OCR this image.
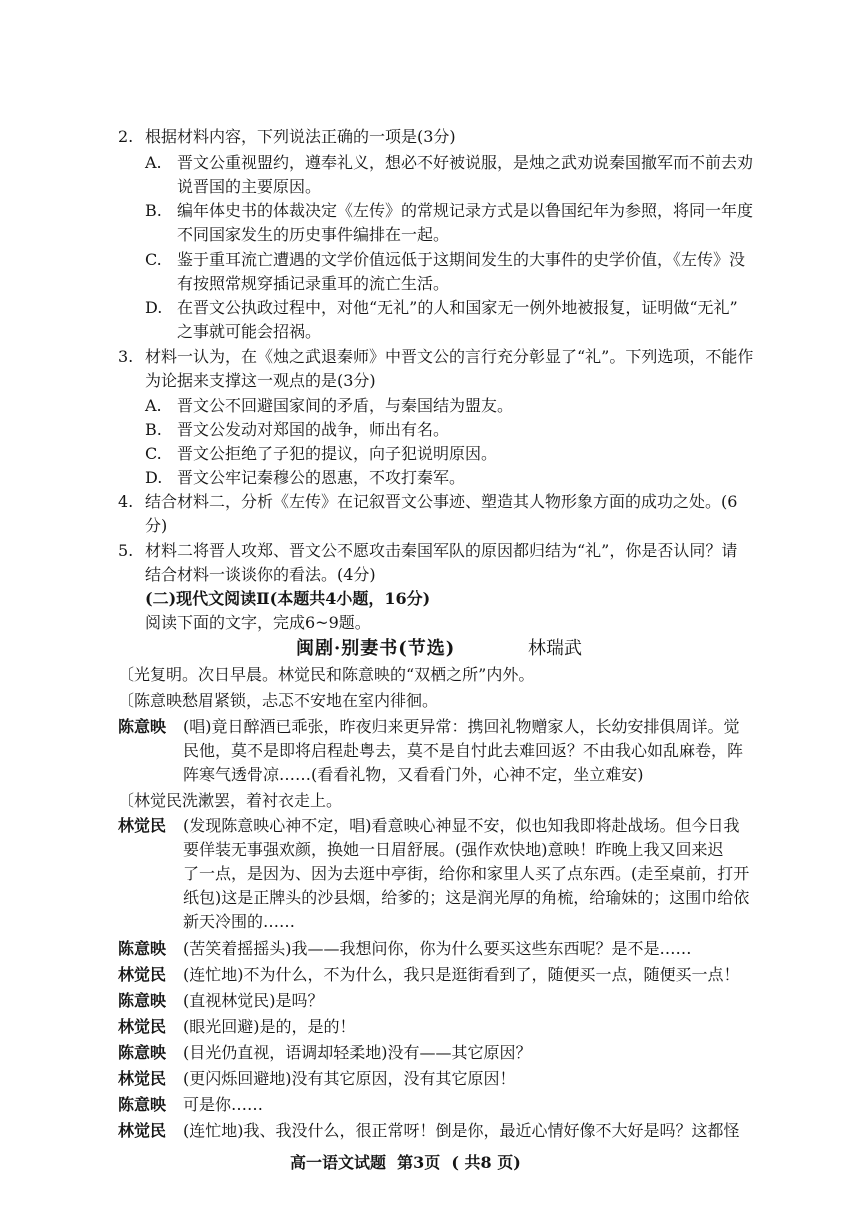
2. 根据材料内容，下列说法正确的一项是(3分)
A. 晋文公重视盟约，遵奉礼义，想必不好被说服，是烛之武劝说秦国撤军而不前去劝
说晋国的主要原因。
B. 编年体史书的体裁决定《左传》的常规记录方式是以鲁国纪年为参照，将同一年度
不同国家发生的历史事件编排在一起。
C. 鉴于重耳流亡遭遇的文学价值远低于这期间发生的大事件的史学价值，《左传》没
有按照常规穿插记录重耳的流亡生活。
D. 在晋文公执政过程中，对他“无礼”的人和国家无一例外地被报复，证明做“无礼”
之事就可能会招祸。
3. 材料一认为，在《烛之武退秦师》中晋文公的言行充分彰显了“礼”。下列选项，不能作
为论据来支撑这一观点的是(3分)
A. 晋文公不回避国家间的矛盾，与秦国结为盟友。
B. 晋文公发动对郑国的战争，师出有名。
C. 晋文公拒绝了子犯的提议，向子犯说明原因。
D. 晋文公牢记秦穆公的恩惠，不攻打秦军。
4. 结合材料二，分析《左传》在记叙晋文公事迹、塑造其人物形象方面的成功之处。(6
分)
5. 材料二将晋人攻郑、晋文公不愿攻击秦国军队的原因都归结为“礼”，你是否认同？请
结合材料一谈谈你的看法。(4分)
(二)现代文阅读Ⅱ(本题共4小题，16分)
阅读下面的文字，完成6~9题。
闽剧·别妻书(节选)	林瑞武
〔光复明。次日早晨。林觉民和陈意映的“双栖之所”内外。
〔陈意映愁眉紧锁，忐忑不安地在室内徘徊。
陈意映 (唱)竟日醉酒已乖张，昨夜归来更异常：携回礼物赠家人，长幼安排俱周详。觉
民他，莫不是即将启程赴粤去，莫不是自忖此去难回返？不由我心如乱麻卷，阵
阵寒气透骨凉……(看看礼物，又看看门外，心神不定，坐立难安)
〔林觉民洗漱罢，着衬衣走上。
林觉民 (发现陈意映心神不定，唱)看意映心神显不安，似也知我即将赴战场。但今日我
要佯装无事强欢颜，换她一日眉舒展。(强作欢快地)意映！昨晚上我又回来迟
了一点，是因为、因为去逛中亭街，给你和家里人买了点东西。(走至桌前，打开
纸包)这是正牌头的沙县烟，给爹的；这是润光厚的角梳，给瑜妹的；这围巾给依
新天冷围的……
陈意映 (苦笑着摇摇头)我——我想问你，你为什么要买这些东西呢？是不是……
林觉民 (连忙地)不为什么，不为什么，我只是逛街看到了，随便买一点，随便买一点！
陈意映 (直视林觉民)是吗？
林觉民 (眼光回避)是的，是的！
陈意映 (目光仍直视，语调却轻柔地)没有——其它原因？
林觉民 (更闪烁回避地)没有其它原因，没有其它原因！
陈意映 可是你……
林觉民 (连忙地)我、我没什么，很正常呀！倒是你，最近心情好像不大好是吗？这都怪
高一语文试题  第3页  ( 共8 页)
